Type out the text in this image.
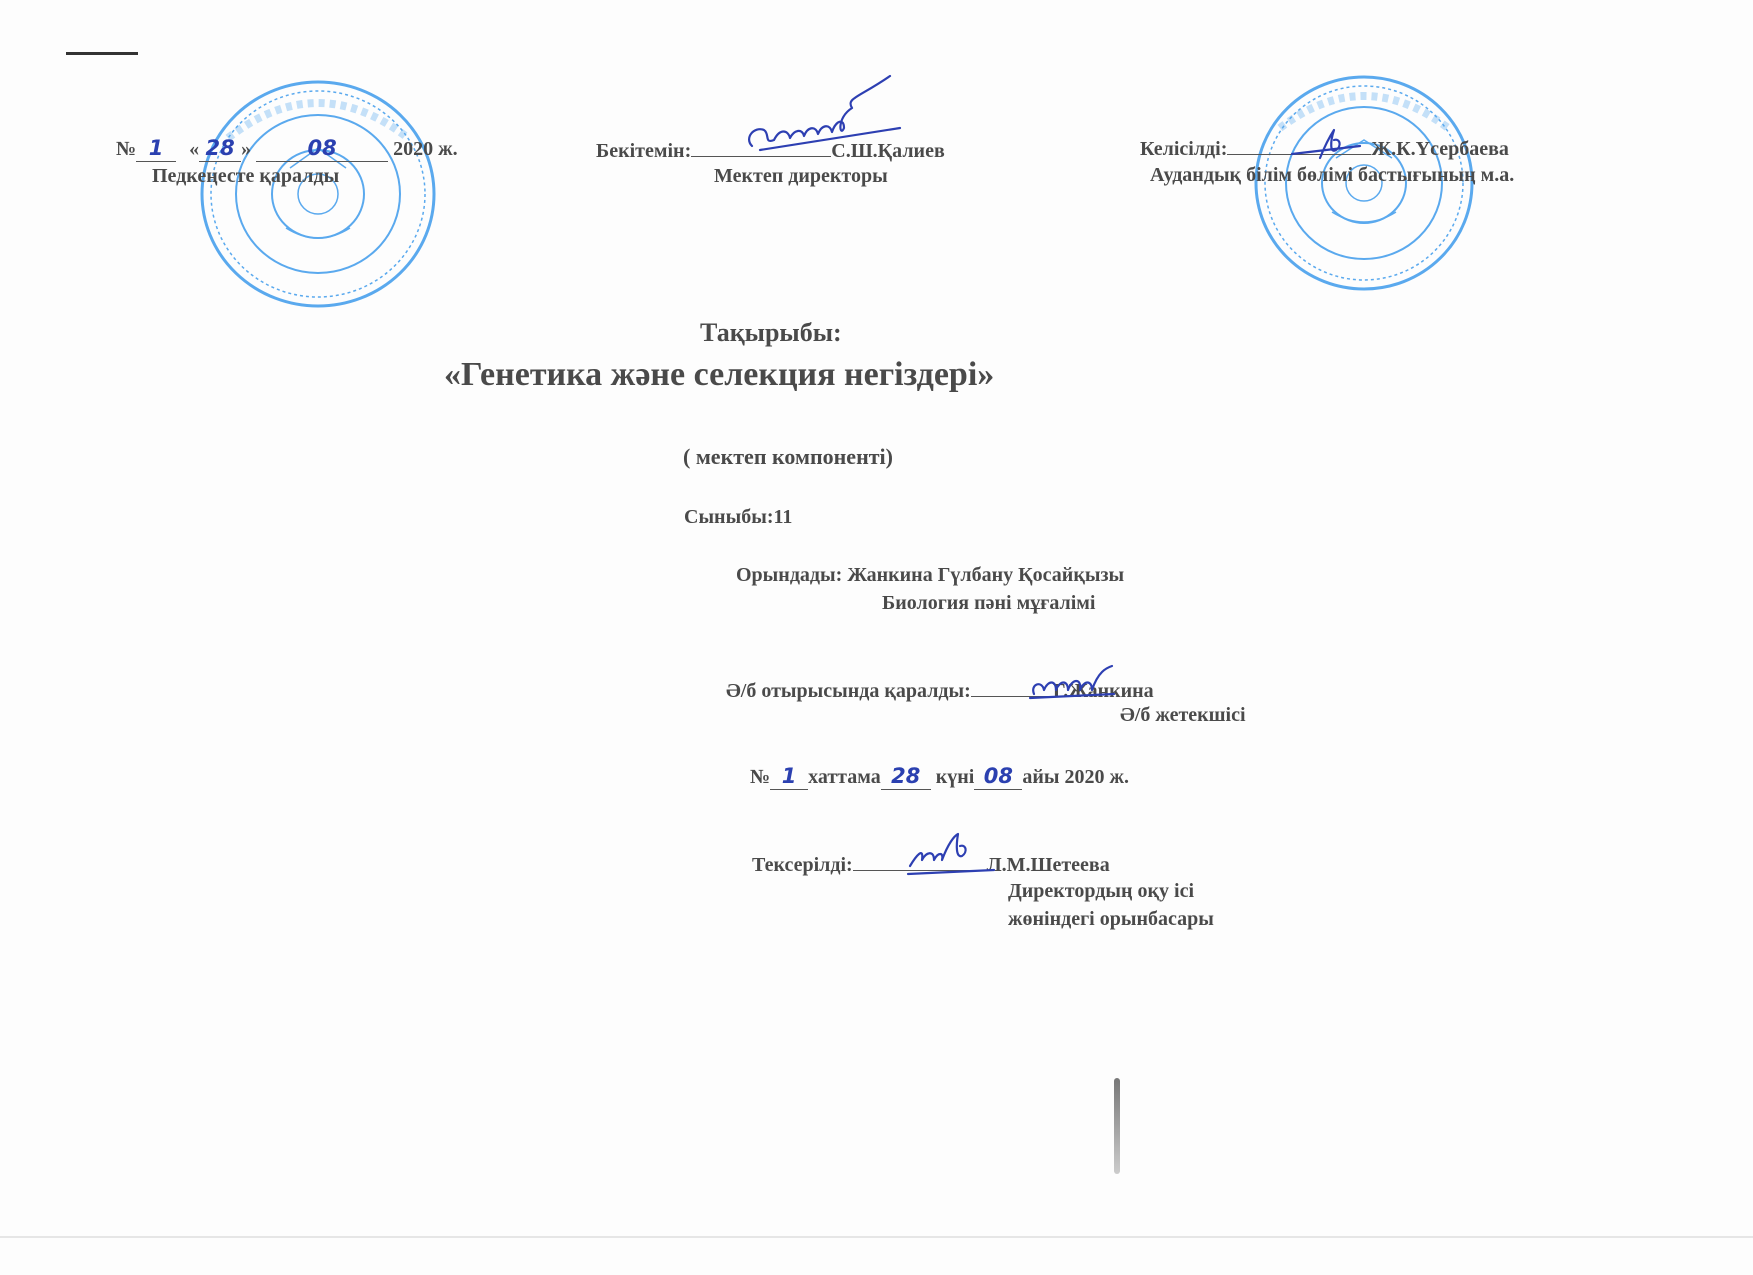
№ 1 « 28 »	08	2020 ж.
Педкеңесте қаралды
Бекітемін:	С.Ш.Қалиев
Мектеп директоры
Келісілді:	Ж.К.Үсербаева
Аудандық білім бөлімі бастығының м.а.
Тақырыбы:
«Генетика және селекция негіздері»
( мектеп компоненті)
Сыныбы:11
Орындады: Жанкина Гүлбану Қосайқызы
Биология пәні мұғалімі
Ә/б отырысында қаралды:	Г.Жанкина
Ә/б жетекшісі
№ 1 хаттама 28 күні 08 айы 2020 ж.
Тексерілді:	Л.М.Шетеева
Директордың оқу ісі
жөніндегі орынбасары
